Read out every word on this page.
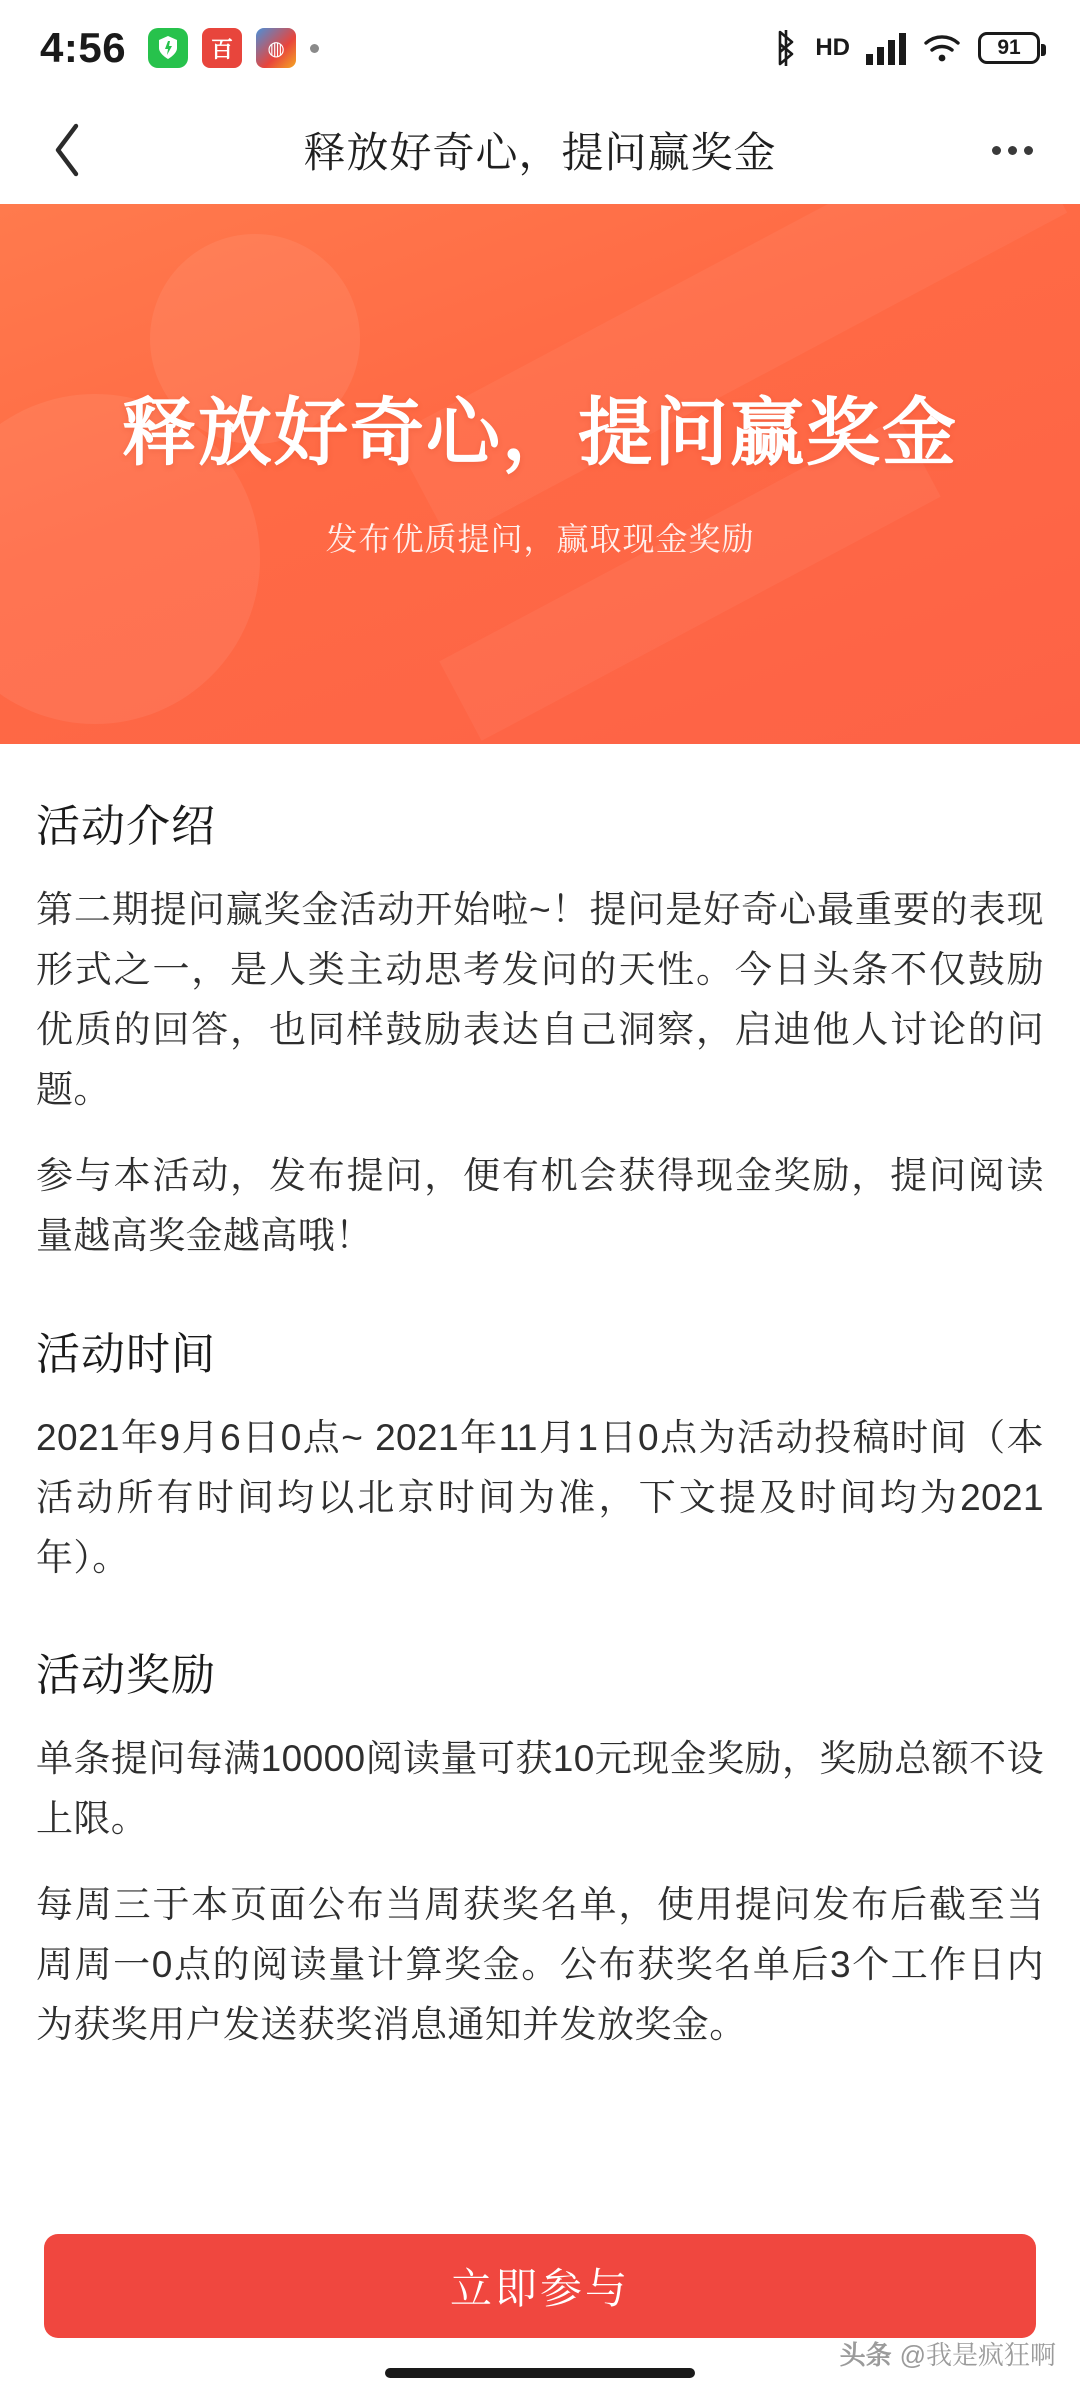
4:56	百	◍	HD	91
释放好奇心，提问赢奖金
释放好奇心，提问赢奖金
发布优质提问，赢取现金奖励
活动介绍
第二期提问赢奖金活动开始啦~！提问是好奇心最重要的表现形式之一，是人类主动思考发问的天性。今日头条不仅鼓励优质的回答，也同样鼓励表达自己洞察，启迪他人讨论的问题。
参与本活动，发布提问，便有机会获得现金奖励，提问阅读量越高奖金越高哦！
活动时间
2021年9月6日0点~ 2021年11月1日0点为活动投稿时间（本活动所有时间均以北京时间为准，下文提及时间均为2021年）。
活动奖励
单条提问每满10000阅读量可获10元现金奖励，奖励总额不设上限。
每周三于本页面公布当周获奖名单，使用提问发布后截至当周周一0点的阅读量计算奖金。公布获奖名单后3个工作日内为获奖用户发送获奖消息通知并发放奖金。
立即参与
头条 @我是疯狂啊
